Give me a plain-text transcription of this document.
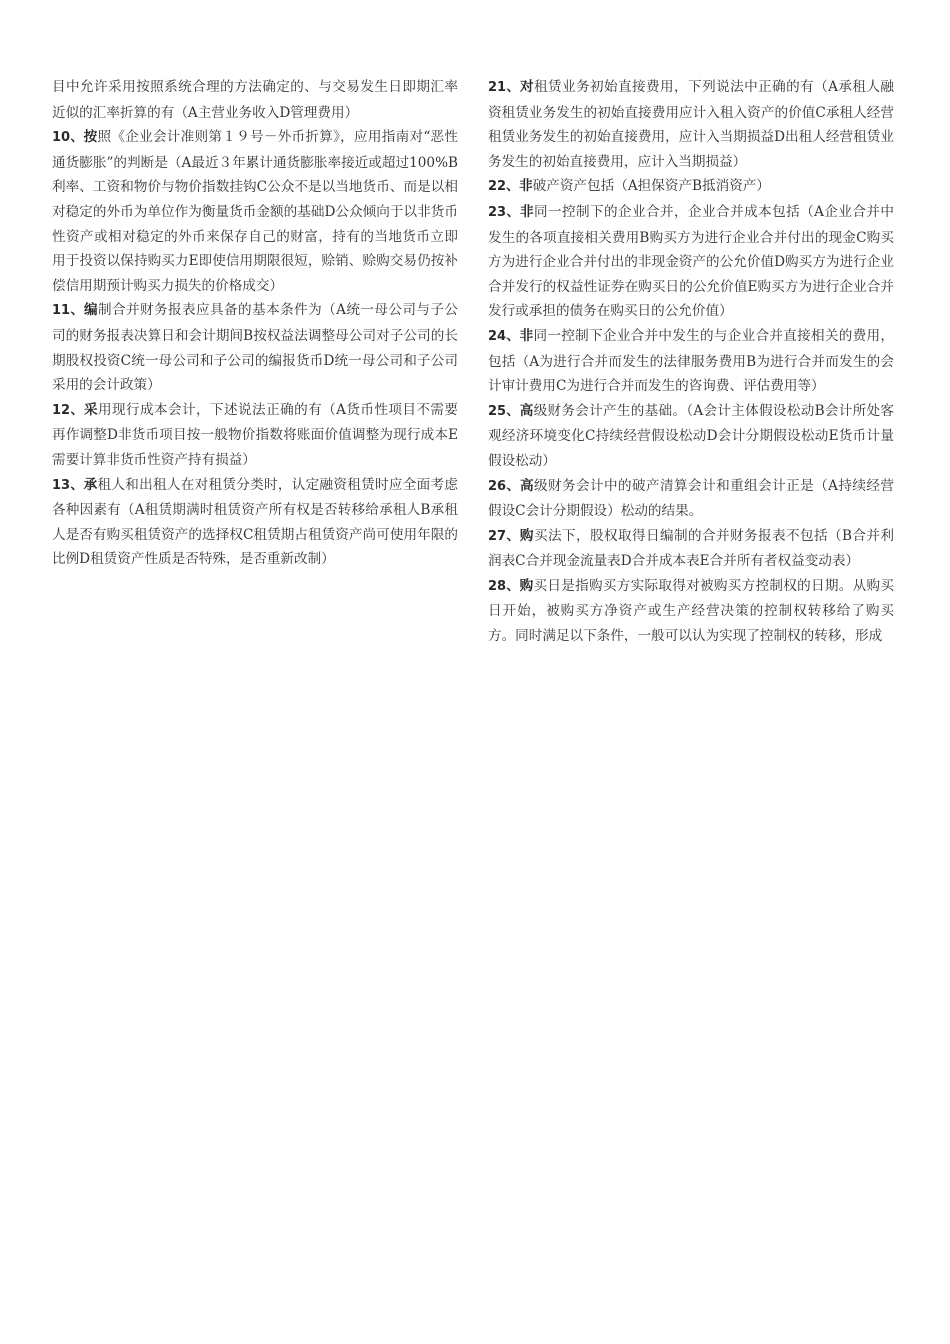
目中允许采用按照系统合理的方法确定的、与交易发生日即期汇率近似的汇率折算的有（A主营业务收入D管理费用）

10、按照《企业会计准则第１９号－外币折算》，应用指南对“恶性通货膨胀”的判断是（A最近３年累计通货膨胀率接近或超过100%B利率、工资和物价与物价指数挂钩C公众不是以当地货币、而是以相对稳定的外币为单位作为衡量货币金额的基础D公众倾向于以非货币性资产或相对稳定的外币来保存自己的财富，持有的当地货币立即用于投资以保持购买力E即使信用期限很短，赊销、赊购交易仍按补偿信用期预计购买力损失的价格成交）

11、编制合并财务报表应具备的基本条件为（A统一母公司与子公司的财务报表决算日和会计期间B按权益法调整母公司对子公司的长期股权投资C统一母公司和子公司的编报货币D统一母公司和子公司采用的会计政策）

12、采用现行成本会计，下述说法正确的有（A货币性项目不需要再作调整D非货币项目按一般物价指数将账面价值调整为现行成本E需要计算非货币性资产持有损益）

13、承租人和出租人在对租赁分类时，认定融资租赁时应全面考虑各种因素有（A租赁期满时租赁资产所有权是否转移给承租人B承租人是否有购买租赁资产的选择权C租赁期占租赁资产尚可使用年限的比例D租赁资产性质是否特殊，是否重新改制）

21、对租赁业务初始直接费用，下列说法中正确的有（A承租人融资租赁业务发生的初始直接费用应计入租入资产的价值C承租人经营租赁业务发生的初始直接费用，应计入当期损益D出租人经营租赁业务发生的初始直接费用，应计入当期损益）

22、非破产资产包括（A担保资产B抵消资产）

23、非同一控制下的企业合并，企业合并成本包括（A企业合并中发生的各项直接相关费用B购买方为进行企业合并付出的现金C购买方为进行企业合并付出的非现金资产的公允价值D购买方为进行企业合并发行的权益性证券在购买日的公允价值E购买方为进行企业合并发行或承担的债务在购买日的公允价值）

24、非同一控制下企业合并中发生的与企业合并直接相关的费用，包括（A为进行合并而发生的法律服务费用B为进行合并而发生的会计审计费用C为进行合并而发生的咨询费、评估费用等）

25、高级财务会计产生的基础。（A会计主体假设松动B会计所处客观经济环境变化C持续经营假设松动D会计分期假设松动E货币计量假设松动）

26、高级财务会计中的破产清算会计和重组会计正是（A持续经营假设C会计分期假设）松动的结果。

27、购买法下，股权取得日编制的合并财务报表不包括（B合并利润表C合并现金流量表D合并成本表E合并所有者权益变动表）

28、购买日是指购买方实际取得对被购买方控制权的日期。从购买日开始，被购买方净资产或生产经营决策的控制权转移给了购买方。同时满足以下条件，一般可以认为实现了控制权的转移，形成
